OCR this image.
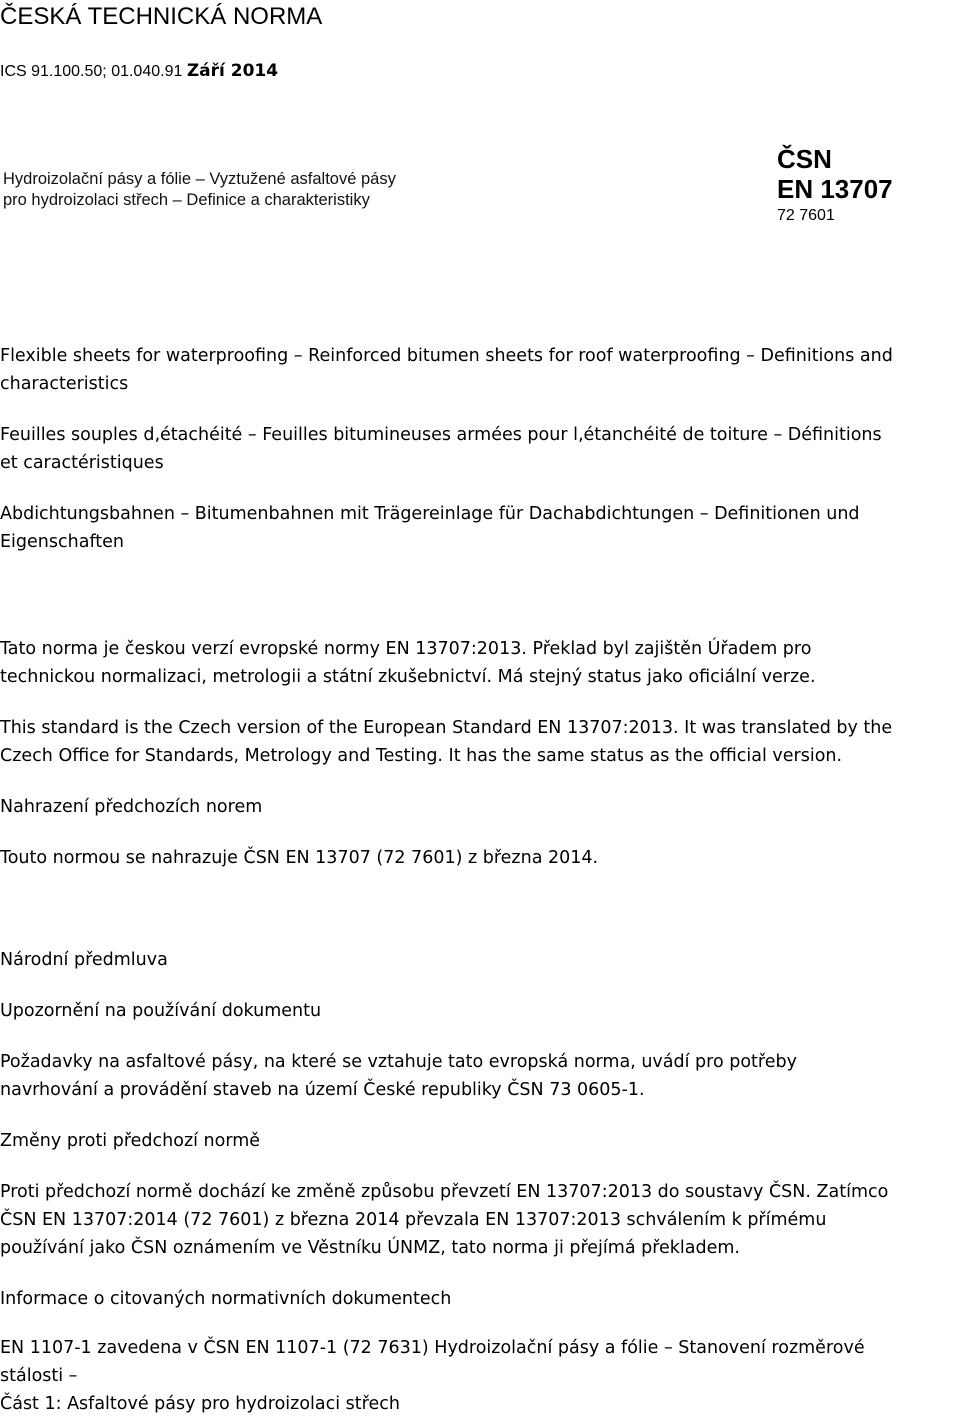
ČESKÁ TECHNICKÁ NORMA
ICS 91.100.50; 01.040.91 Září 2014
Hydroizolační pásy a fólie – Vyztužené asfaltové pásy
pro hydroizolaci střech – Definice a charakteristiky
ČSN
EN 13707
72 7601
Flexible sheets for waterproofing – Reinforced bitumen sheets for roof waterproofing – Definitions and
characteristics
Feuilles souples d‚étachéité – Feuilles bitumineuses armées pour l‚étanchéité de toiture – Définitions
et caractéristiques
Abdichtungsbahnen – Bitumenbahnen mit Trägereinlage für Dachabdichtungen – Definitionen und
Eigenschaften
Tato norma je českou verzí evropské normy EN 13707:2013. Překlad byl zajištěn Úřadem pro
technickou normalizaci, metrologii a státní zkušebnictví. Má stejný status jako oficiální verze.
This standard is the Czech version of the European Standard EN 13707:2013. It was translated by the
Czech Office for Standards, Metrology and Testing. It has the same status as the official version.
Nahrazení předchozích norem
Touto normou se nahrazuje ČSN EN 13707 (72 7601) z března 2014.
Národní předmluva
Upozornění na používání dokumentu
Požadavky na asfaltové pásy, na které se vztahuje tato evropská norma, uvádí pro potřeby
navrhování a provádění staveb na území České republiky ČSN 73 0605-1.
Změny proti předchozí normě
Proti předchozí normě dochází ke změně způsobu převzetí EN 13707:2013 do soustavy ČSN. Zatímco
ČSN EN 13707:2014 (72 7601) z března 2014 převzala EN 13707:2013 schválením k přímému
používání jako ČSN oznámením ve Věstníku ÚNMZ, tato norma ji přejímá překladem.
Informace o citovaných normativních dokumentech
EN 1107-1 zavedena v ČSN EN 1107-1 (72 7631) Hydroizolační pásy a fólie – Stanovení rozměrové
stálosti –
Část 1: Asfaltové pásy pro hydroizolaci střech
